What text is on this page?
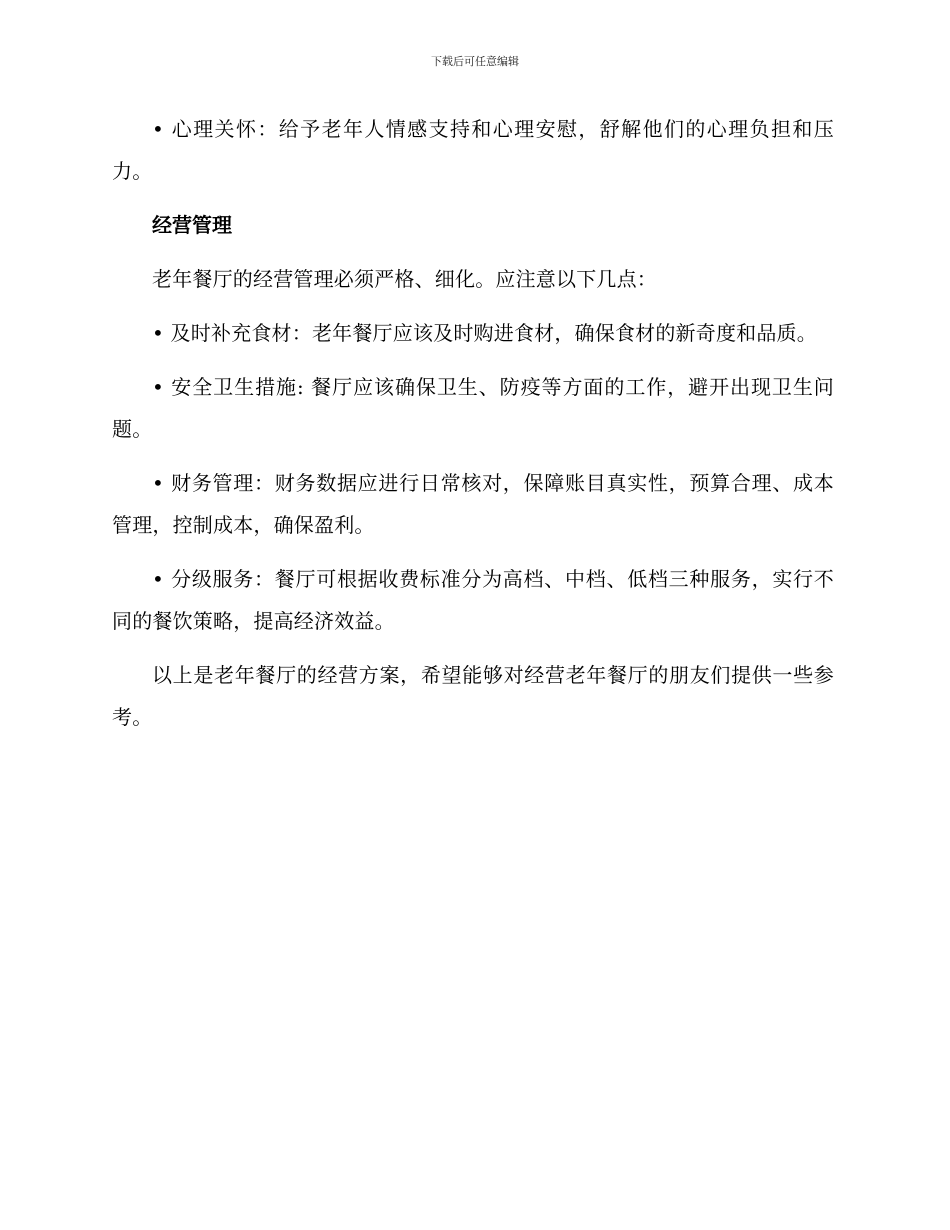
下载后可任意编辑

• 心理关怀：给予老年人情感支持和心理安慰，舒解他们的心理负担和压力。

经营管理

老年餐厅的经营管理必须严格、细化。应注意以下几点：

• 及时补充食材：老年餐厅应该及时购进食材，确保食材的新奇度和品质。

• 安全卫生措施: 餐厅应该确保卫生、防疫等方面的工作，避开出现卫生问题。

• 财务管理：财务数据应进行日常核对，保障账目真实性，预算合理、成本管理，控制成本，确保盈利。

• 分级服务：餐厅可根据收费标准分为高档、中档、低档三种服务，实行不同的餐饮策略，提高经济效益。

以上是老年餐厅的经营方案，希望能够对经营老年餐厅的朋友们提供一些参考。
